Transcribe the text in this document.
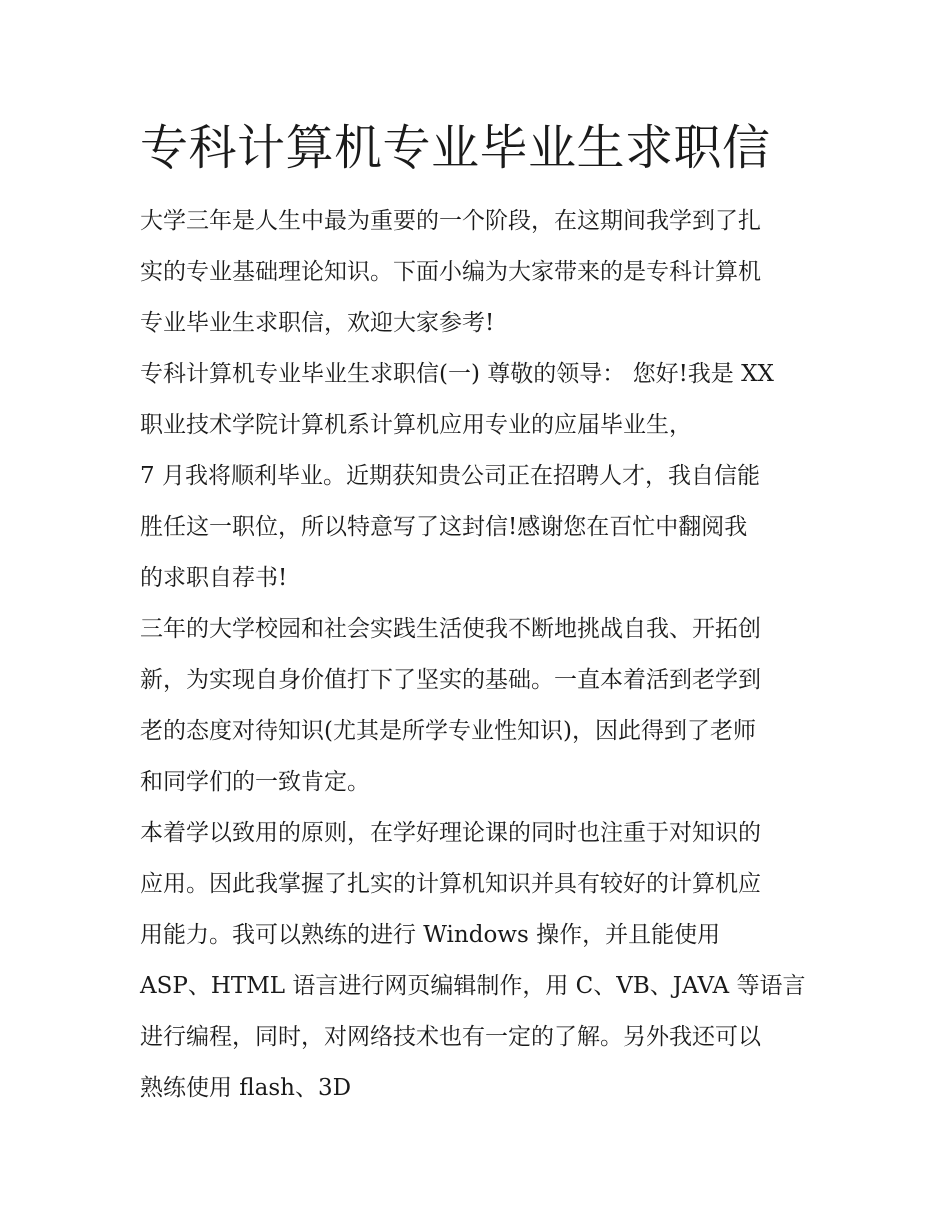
专科计算机专业毕业生求职信
大学三年是人生中最为重要的一个阶段，在这期间我学到了扎
实的专业基础理论知识。下面小编为大家带来的是专科计算机
专业毕业生求职信，欢迎大家参考!
专科计算机专业毕业生求职信(一) 尊敬的领导： 您好!我是 XX
职业技术学院计算机系计算机应用专业的应届毕业生，
7 月我将顺利毕业。近期获知贵公司正在招聘人才，我自信能
胜任这一职位，所以特意写了这封信!感谢您在百忙中翻阅我
的求职自荐书!
三年的大学校园和社会实践生活使我不断地挑战自我、开拓创
新，为实现自身价值打下了坚实的基础。一直本着活到老学到
老的态度对待知识(尤其是所学专业性知识)，因此得到了老师
和同学们的一致肯定。
本着学以致用的原则，在学好理论课的同时也注重于对知识的
应用。因此我掌握了扎实的计算机知识并具有较好的计算机应
用能力。我可以熟练的进行 Windows 操作，并且能使用
ASP、HTML 语言进行网页编辑制作，用 C、VB、JAVA 等语言
进行编程，同时，对网络技术也有一定的了解。另外我还可以
熟练使用 flash、3D
